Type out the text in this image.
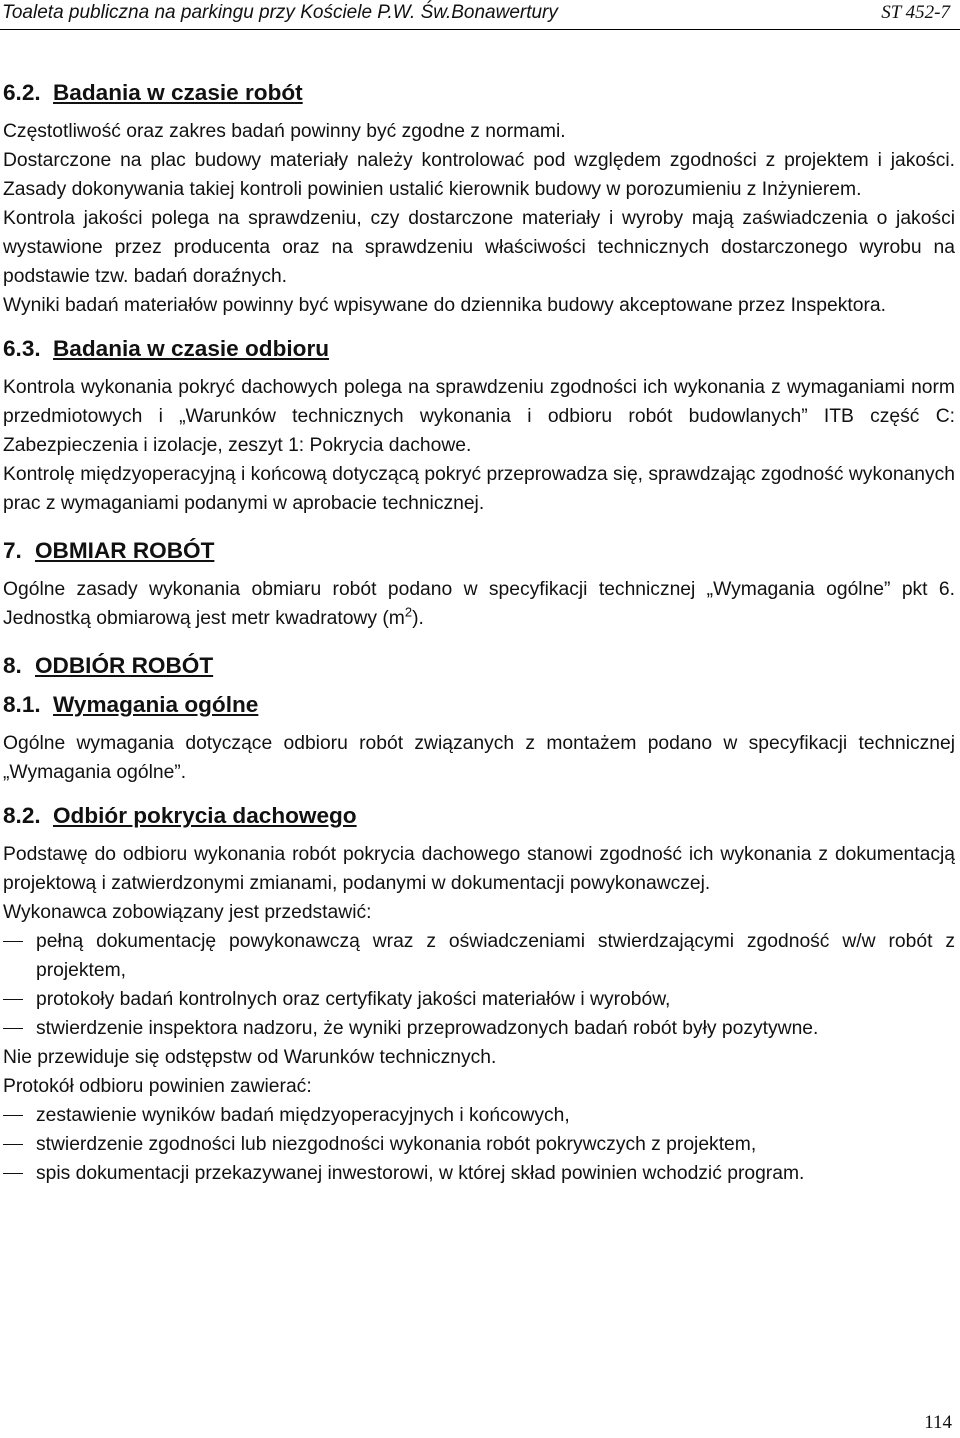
Toaleta publiczna na parkingu przy Kościele P.W. Św.Bonawertury	ST 452-7
6.2. Badania w czasie robót

Częstotliwość oraz zakres badań powinny być zgodne z normami.

Dostarczone na plac budowy materiały należy kontrolować pod względem zgodności z projektem i jakości. Zasady dokonywania takiej kontroli powinien ustalić kierownik budowy w porozumieniu z Inżynierem.

Kontrola jakości polega na sprawdzeniu, czy dostarczone materiały i wyroby mają zaświadczenia o jakości wystawione przez producenta oraz na sprawdzeniu właściwości technicznych dostarczonego wyrobu na podstawie tzw. badań doraźnych.

Wyniki badań materiałów powinny być wpisywane do dziennika budowy akceptowane przez Inspektora.

6.3. Badania w czasie odbioru

Kontrola wykonania pokryć dachowych polega na sprawdzeniu zgodności ich wykonania z wymaganiami norm przedmiotowych i „Warunków technicznych wykonania i odbioru robót budowlanych” ITB część C: Zabezpieczenia i izolacje, zeszyt 1: Pokrycia dachowe.

Kontrolę międzyoperacyjną i końcową dotyczącą pokryć przeprowadza się, sprawdzając zgodność wykonanych prac z wymaganiami podanymi w aprobacie technicznej.

7. OBMIAR ROBÓT

Ogólne zasady wykonania obmiaru robót podano w specyfikacji technicznej „Wymagania ogólne” pkt 6. Jednostką obmiarową jest metr kwadratowy $(m^2)$.

8. ODBIÓR ROBÓT
8.1. Wymagania ogólne

Ogólne wymagania dotyczące odbioru robót związanych z montażem podano w specyfikacji technicznej „Wymagania ogólne”.

8.2. Odbiór pokrycia dachowego

Podstawę do odbioru wykonania robót pokrycia dachowego stanowi zgodność ich wykonania z dokumentacją projektową i zatwierdzonymi zmianami, podanymi w dokumentacji powykonawczej.

Wykonawca zobowiązany jest przedstawić:

pełną dokumentację powykonawczą wraz z oświadczeniami stwierdzającymi zgodność w/w robót z projektem,
protokoły badań kontrolnych oraz certyfikaty jakości materiałów i wyrobów,
stwierdzenie inspektora nadzoru, że wyniki przeprowadzonych badań robót były pozytywne.

Nie przewiduje się odstępstw od Warunków technicznych.

Protokół odbioru powinien zawierać:

zestawienie wyników badań międzyoperacyjnych i końcowych,
stwierdzenie zgodności lub niezgodności wykonania robót pokrywczych z projektem,
spis dokumentacji przekazywanej inwestorowi, w której skład powinien wchodzić program.
114
